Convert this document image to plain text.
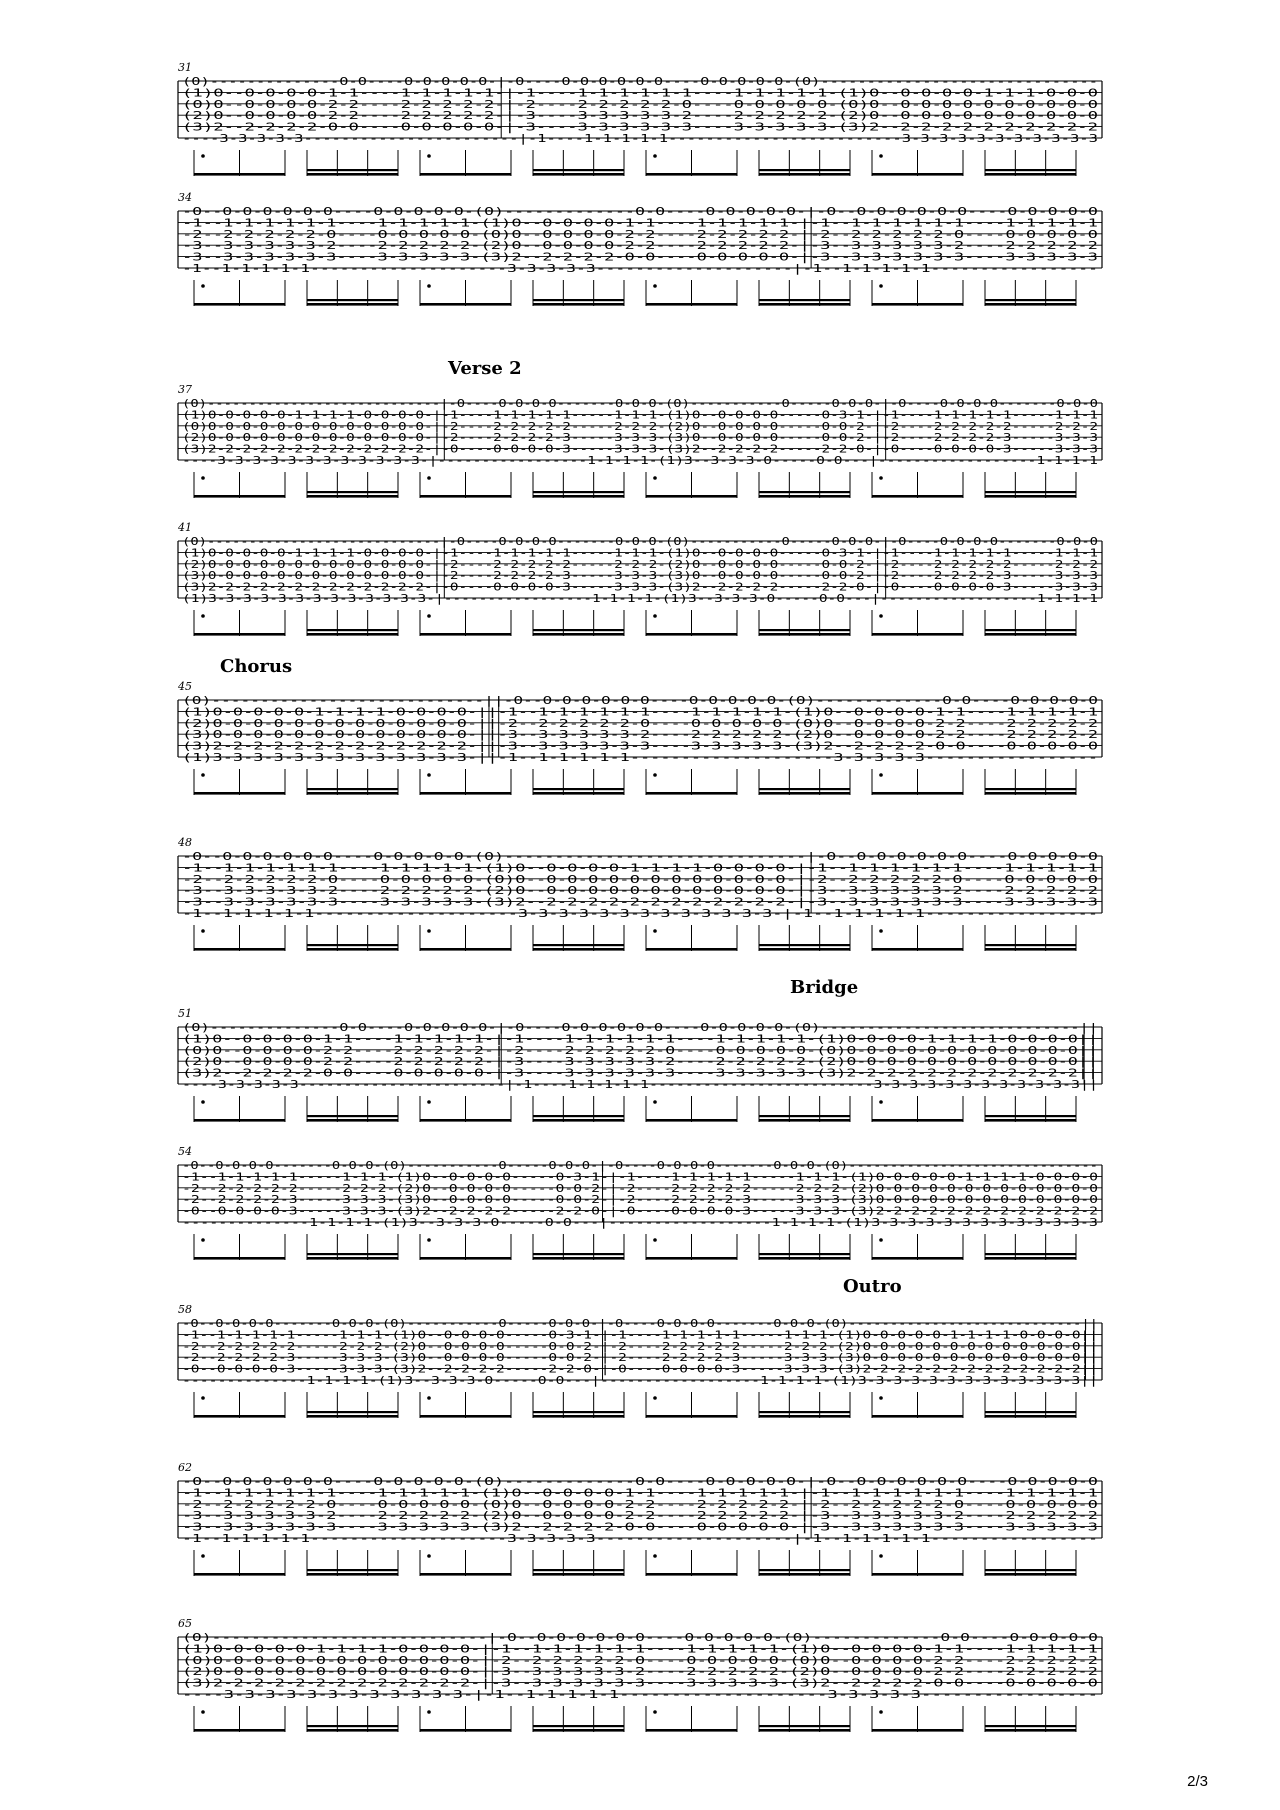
31
(0)--------------0-0----0-0-0-0-0-|-0----0-0-0-0-0-0----0-0-0-0-0-(0)------------------------------
(1)0--0-0-0-0-1-1----1-1-1-1-1-|-1----1-1-1-1-1-1----1-1-1-1-1-(1)0--0-0-0-0-1-1-1-0-0-0
(0)0--0-0-0-0-2-2----2-2-2-2-2-|-2----2-2-2-2-2-0----0-0-0-0-0-(0)0--0-0-0-0-0-0-0-0-0-0
(2)0--0-0-0-0-2-2----2-2-2-2-2-|-3----3-3-3-3-3-2----2-2-2-2-2-(2)0--0-0-0-0-0-0-0-0-0-0
(3)2--2-2-2-2-0-0----0-0-0-0-0-|-3----3-3-3-3-3-3----3-3-3-3-3-(3)2--2-2-2-2-2-2-2-2-2-2
----3-3-3-3-3-----------------------|-1----1-1-1-1-1-------------------------3-3-3-3-3-3-3-3-3-3-3
34
-0--0-0-0-0-0-0----0-0-0-0-0-(0)-------------0-0----0-0-0-0-0-|-0--0-0-0-0-0-0----0-0-0-0-0
-1--1-1-1-1-1-1----1-1-1-1-1-(1)0--0-0-0-0-1-1----1-1-1-1-1-|-1--1-1-1-1-1-1----1-1-1-1-1
-2--2-2-2-2-2-0----0-0-0-0-0-(0)0--0-0-0-0-2-2----2-2-2-2-2-|-2--2-2-2-2-2-0----0-0-0-0-0
-3--3-3-3-3-3-2----2-2-2-2-2-(2)0--0-0-0-0-2-2----2-2-2-2-2-|-3--3-3-3-3-3-2----2-2-2-2-2
-3--3-3-3-3-3-3----3-3-3-3-3-(3)2--2-2-2-2-0-0----0-0-0-0-0-|-3--3-3-3-3-3-3----3-3-3-3-3
-1--1-1-1-1-1--------------------3-3-3-3-3--------------------|-1--1-1-1-1-1-----------------
37
Verse 2
(0)----------------------------|-0----0-0-0-0-------0-0-0-(0)-----------0-----0-0-0-|-0----0-0-0-0-------0-0-0
(1)0-0-0-0-0-1-1-1-1-0-0-0-0-|-1----1-1-1-1-1-----1-1-1-(1)0--0-0-0-0-----0-3-1-|-1----1-1-1-1-1-----1-1-1
(0)0-0-0-0-0-0-0-0-0-0-0-0-0-|-2----2-2-2-2-2-----2-2-2-(2)0--0-0-0-0-----0-0-2-|-2----2-2-2-2-2-----2-2-2
(2)0-0-0-0-0-0-0-0-0-0-0-0-0-|-2----2-2-2-2-3-----3-3-3-(3)0--0-0-0-0-----0-0-2-|-2----2-2-2-2-3-----3-3-3
(3)2-2-2-2-2-2-2-2-2-2-2-2-2-|-0----0-0-0-0-3-----3-3-3-(3)2--2-2-2-2-----2-2-0-|-0----0-0-0-0-3-----3-3-3
----3-3-3-3-3-3-3-3-3-3-3-3-|-----------------1-1-1-1-(1)3--3-3-3-0-----0-0---|------------------1-1-1-1
41
(0)----------------------------|-0----0-0-0-0-------0-0-0-(0)-----------0-----0-0-0-|-0----0-0-0-0-------0-0-0
(1)0-0-0-0-0-1-1-1-1-0-0-0-0-|-1----1-1-1-1-1-----1-1-1-(1)0--0-0-0-0-----0-3-1-|-1----1-1-1-1-1-----1-1-1
(2)0-0-0-0-0-0-0-0-0-0-0-0-0-|-2----2-2-2-2-2-----2-2-2-(2)0--0-0-0-0-----0-0-2-|-2----2-2-2-2-2-----2-2-2
(3)0-0-0-0-0-0-0-0-0-0-0-0-0-|-2----2-2-2-2-3-----3-3-3-(3)0--0-0-0-0-----0-0-2-|-2----2-2-2-2-3-----3-3-3
(3)2-2-2-2-2-2-2-2-2-2-2-2-2-|-0----0-0-0-0-3-----3-3-3-(3)2--2-2-2-2-----2-2-0-|-0----0-0-0-0-3-----3-3-3
(1)3-3-3-3-3-3-3-3-3-3-3-3-3-|-----------------1-1-1-1-(1)3--3-3-3-0-----0-0---|------------------1-1-1-1
45
Chorus
(0)----------------------------||-0--0-0-0-0-0-0----0-0-0-0-0-(0)-------------0-0----0-0-0-0-0
(1)0-0-0-0-0-1-1-1-1-0-0-0-0-||-1--1-1-1-1-1-1----1-1-1-1-1-(1)0--0-0-0-0-1-1----1-1-1-1-1
(2)0-0-0-0-0-0-0-0-0-0-0-0-0-||-2--2-2-2-2-2-0----0-0-0-0-0-(0)0--0-0-0-0-2-2----2-2-2-2-2
(3)0-0-0-0-0-0-0-0-0-0-0-0-0-||-3--3-3-3-3-3-2----2-2-2-2-2-(2)0--0-0-0-0-2-2----2-2-2-2-2
(3)2-2-2-2-2-2-2-2-2-2-2-2-2-||-3--3-3-3-3-3-3----3-3-3-3-3-(3)2--2-2-2-2-0-0----0-0-0-0-0
(1)3-3-3-3-3-3-3-3-3-3-3-3-3-||-1--1-1-1-1-1--------------------3-3-3-3-3-----------------
48
-0--0-0-0-0-0-0----0-0-0-0-0-(0)------------------------------|-0--0-0-0-0-0-0----0-0-0-0-0
-1--1-1-1-1-1-1----1-1-1-1-1-(1)0--0-0-0-0-1-1-1-1-0-0-0-0-|-1--1-1-1-1-1-1----1-1-1-1-1
-2--2-2-2-2-2-0----0-0-0-0-0-(0)0--0-0-0-0-0-0-0-0-0-0-0-0-|-2--2-2-2-2-2-0----0-0-0-0-0
-3--3-3-3-3-3-2----2-2-2-2-2-(2)0--0-0-0-0-0-0-0-0-0-0-0-0-|-3--3-3-3-3-3-2----2-2-2-2-2
-3--3-3-3-3-3-3----3-3-3-3-3-(3)2--2-2-2-2-2-2-2-2-2-2-2-2-|-3--3-3-3-3-3-3----3-3-3-3-3
-1--1-1-1-1-1--------------------3-3-3-3-3-3-3-3-3-3-3-3-3-|-1--1-1-1-1-1-----------------
51
Bridge
(0)--------------0-0----0-0-0-0-0-|-0----0-0-0-0-0-0----0-0-0-0-0-(0)----------------------------||
(1)0--0-0-0-0-1-1----1-1-1-1-1-|-1----1-1-1-1-1-1----1-1-1-1-1-(1)0-0-0-0-1-1-1-1-0-0-0-0||
(0)0--0-0-0-0-2-2----2-2-2-2-2-|-2----2-2-2-2-2-0----0-0-0-0-0-(0)0-0-0-0-0-0-0-0-0-0-0-0||
(2)0--0-0-0-0-2-2----2-2-2-2-2-|-3----3-3-3-3-3-2----2-2-2-2-2-(2)0-0-0-0-0-0-0-0-0-0-0-0||
(3)2--2-2-2-2-0-0----0-0-0-0-0-|-3----3-3-3-3-3-3----3-3-3-3-3-(3)2-2-2-2-2-2-2-2-2-2-2-2||
----3-3-3-3-3-----------------------|-1----1-1-1-1-1-------------------------3-3-3-3-3-3-3-3-3-3-3-3||
54
-0--0-0-0-0-------0-0-0-(0)-----------0-----0-0-0-|-0----0-0-0-0-------0-0-0-(0)------------------------------
-1--1-1-1-1-1-----1-1-1-(1)0--0-0-0-0-----0-3-1-|-1----1-1-1-1-1-----1-1-1-(1)0-0-0-0-0-1-1-1-1-0-0-0-0
-2--2-2-2-2-2-----2-2-2-(2)0--0-0-0-0-----0-0-2-|-2----2-2-2-2-2-----2-2-2-(2)0-0-0-0-0-0-0-0-0-0-0-0-0
-2--2-2-2-2-3-----3-3-3-(3)0--0-0-0-0-----0-0-2-|-2----2-2-2-2-3-----3-3-3-(3)0-0-0-0-0-0-0-0-0-0-0-0-0
-0--0-0-0-0-3-----3-3-3-(3)2--2-2-2-2-----2-2-0-|-0----0-0-0-0-3-----3-3-3-(3)2-2-2-2-2-2-2-2-2-2-2-2-2
--------------1-1-1-1-(1)3--3-3-3-0-----0-0---|------------------1-1-1-1-(1)3-3-3-3-3-3-3-3-3-3-3-3-3
58
Outro
-0--0-0-0-0-------0-0-0-(0)-----------0-----0-0-0-|-0----0-0-0-0-------0-0-0-(0)----------------------------||
-1--1-1-1-1-1-----1-1-1-(1)0--0-0-0-0-----0-3-1-|-1----1-1-1-1-1-----1-1-1-(1)0-0-0-0-0-1-1-1-1-0-0-0-0||
-2--2-2-2-2-2-----2-2-2-(2)0--0-0-0-0-----0-0-2-|-2----2-2-2-2-2-----2-2-2-(2)0-0-0-0-0-0-0-0-0-0-0-0-0||
-2--2-2-2-2-3-----3-3-3-(3)0--0-0-0-0-----0-0-2-|-2----2-2-2-2-3-----3-3-3-(3)0-0-0-0-0-0-0-0-0-0-0-0-0||
-0--0-0-0-0-3-----3-3-3-(3)2--2-2-2-2-----2-2-0-|-0----0-0-0-0-3-----3-3-3-(3)2-2-2-2-2-2-2-2-2-2-2-2-2||
--------------1-1-1-1-(1)3--3-3-3-0-----0-0---|------------------1-1-1-1-(1)3-3-3-3-3-3-3-3-3-3-3-3-3||
62
-0--0-0-0-0-0-0----0-0-0-0-0-(0)-------------0-0----0-0-0-0-0-|-0--0-0-0-0-0-0----0-0-0-0-0
-1--1-1-1-1-1-1----1-1-1-1-1-(1)0--0-0-0-0-1-1----1-1-1-1-1-|-1--1-1-1-1-1-1----1-1-1-1-1
-2--2-2-2-2-2-0----0-0-0-0-0-(0)0--0-0-0-0-2-2----2-2-2-2-2-|-2--2-2-2-2-2-0----0-0-0-0-0
-3--3-3-3-3-3-2----2-2-2-2-2-(2)0--0-0-0-0-2-2----2-2-2-2-2-|-3--3-3-3-3-3-2----2-2-2-2-2
-3--3-3-3-3-3-3----3-3-3-3-3-(3)2--2-2-2-2-0-0----0-0-0-0-0-|-3--3-3-3-3-3-3----3-3-3-3-3
-1--1-1-1-1-1--------------------3-3-3-3-3--------------------|-1--1-1-1-1-1-----------------
65
(0)----------------------------|-0--0-0-0-0-0-0----0-0-0-0-0-(0)-------------0-0----0-0-0-0-0
(1)0-0-0-0-0-1-1-1-1-0-0-0-0-|-1--1-1-1-1-1-1----1-1-1-1-1-(1)0--0-0-0-0-1-1----1-1-1-1-1
(0)0-0-0-0-0-0-0-0-0-0-0-0-0-|-2--2-2-2-2-2-0----0-0-0-0-0-(0)0--0-0-0-0-2-2----2-2-2-2-2
(2)0-0-0-0-0-0-0-0-0-0-0-0-0-|-3--3-3-3-3-3-2----2-2-2-2-2-(2)0--0-0-0-0-2-2----2-2-2-2-2
(3)2-2-2-2-2-2-2-2-2-2-2-2-2-|-3--3-3-3-3-3-3----3-3-3-3-3-(3)2--2-2-2-2-0-0----0-0-0-0-0
----3-3-3-3-3-3-3-3-3-3-3-3-|-1--1-1-1-1-1--------------------3-3-3-3-3-----------------
2/3
